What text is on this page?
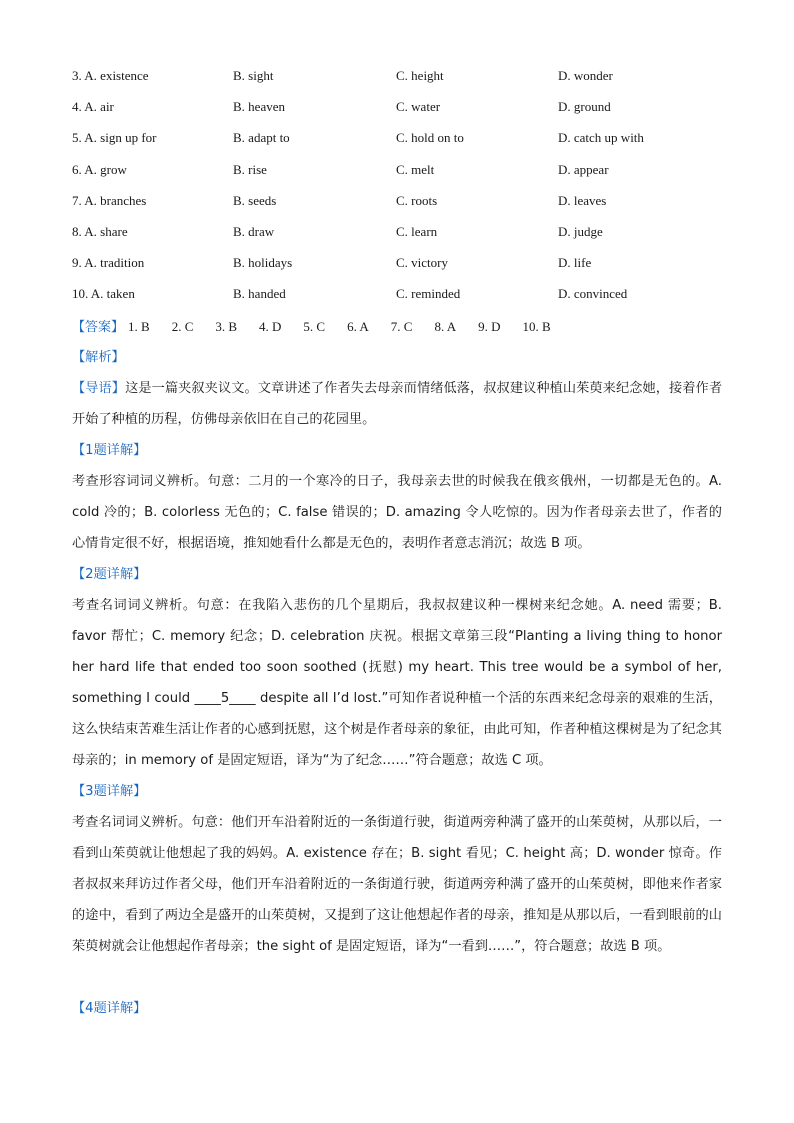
3. A. existence	B. sight	C. height	D. wonder
4. A. air	B. heaven	C. water	D. ground
5. A. sign up for	B. adapt to	C. hold on to	D. catch up with
6. A. grow	B. rise	C. melt	D. appear
7. A. branches	B. seeds	C. roots	D. leaves
8. A. share	B. draw	C. learn	D. judge
9. A. tradition	B. holidays	C. victory	D. life
10. A. taken	B. handed	C. reminded	D. convinced
【答案】 1. B 2. C 3. B 4. D 5. C 6. A 7. C 8. A 9. D 10. B
【解析】
【导语】这是一篇夹叙夹议文。文章讲述了作者失去母亲而情绪低落，叔叔建议种植山茱萸来纪念她，接着作者开始了种植的历程，仿佛母亲依旧在自己的花园里。
【1题详解】
考查形容词词义辨析。句意：二月的一个寒冷的日子，我母亲去世的时候我在俄亥俄州，一切都是无色的。A. cold 冷的；B. colorless 无色的；C. false 错误的；D. amazing 令人吃惊的。因为作者母亲去世了，作者的心情肯定很不好，根据语境，推知她看什么都是无色的，表明作者意志消沉；故选 B 项。
【2题详解】
考查名词词义辨析。句意：在我陷入悲伤的几个星期后，我叔叔建议种一棵树来纪念她。A. need 需要；B. favor 帮忙；C. memory 纪念；D. celebration 庆祝。根据文章第三段“Planting a living thing to honor her hard life that ended too soon soothed (抚慰) my heart. This tree would be a symbol of her, something I could ____5____ despite all I’d lost.”可知作者说种植一个活的东西来纪念母亲的艰难的生活，这么快结束苦难生活让作者的心感到抚慰，这个树是作者母亲的象征，由此可知，作者种植这棵树是为了纪念其母亲的；in memory of 是固定短语，译为“为了纪念……”符合题意；故选 C 项。
【3题详解】
考查名词词义辨析。句意：他们开车沿着附近的一条街道行驶，街道两旁种满了盛开的山茱萸树，从那以后，一看到山茱萸就让他想起了我的妈妈。A. existence 存在；B. sight 看见；C. height 高；D. wonder 惊奇。作者叔叔来拜访过作者父母，他们开车沿着附近的一条街道行驶，街道两旁种满了盛开的山茱萸树，即他来作者家的途中，看到了两边全是盛开的山茱萸树，又提到了这让他想起作者的母亲，推知是从那以后，一看到眼前的山茱萸树就会让他想起作者母亲；the sight of 是固定短语，译为“一看到……”，符合题意；故选 B 项。
【4题详解】
